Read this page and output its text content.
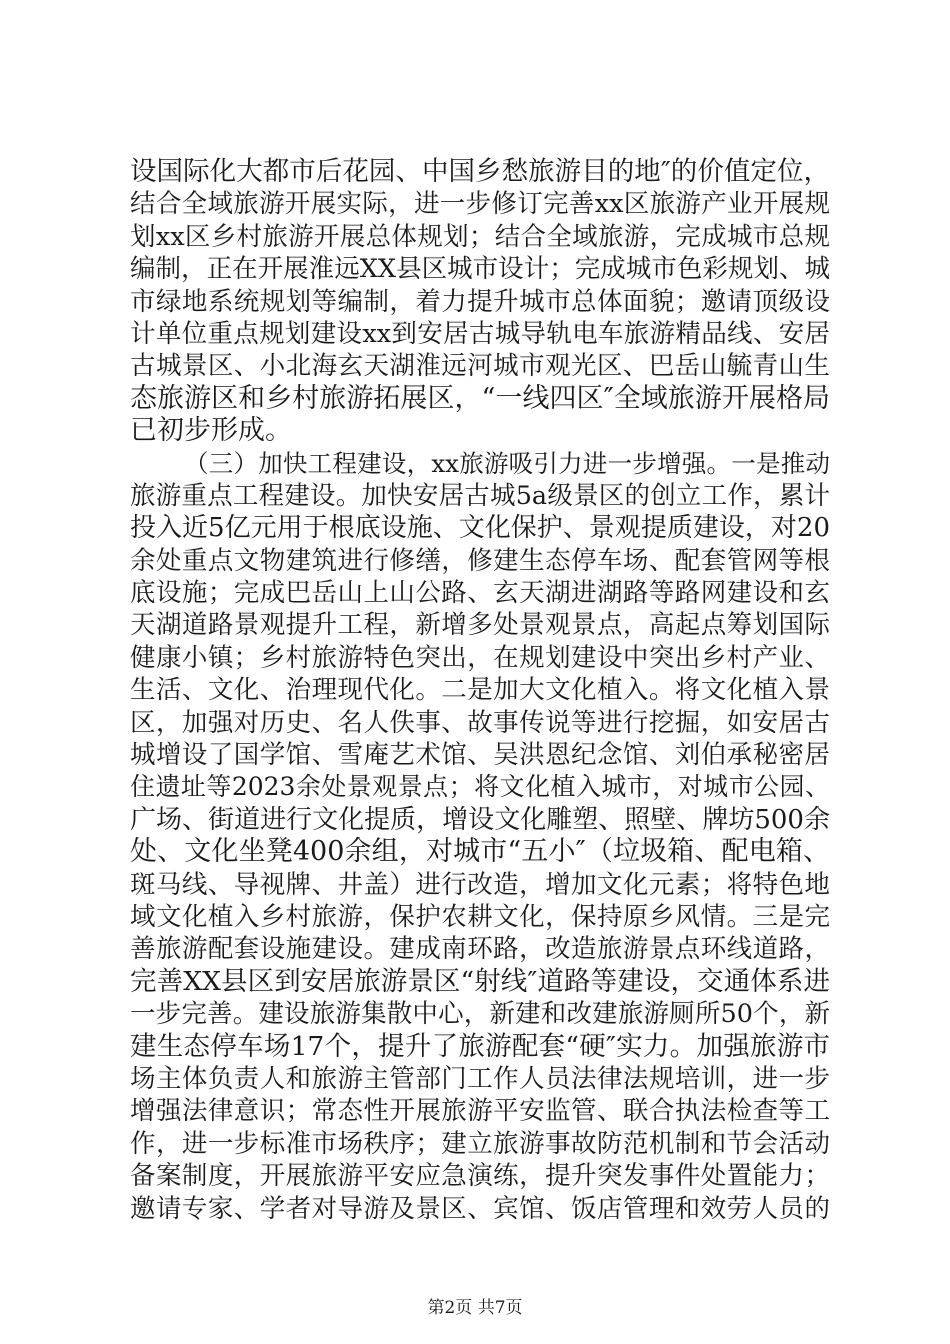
设国际化大都市后花园、中国乡愁旅游目的地″的价值定位，
结合全域旅游开展实际，进一步修订完善xx区旅游产业开展规
划xx区乡村旅游开展总体规划；结合全域旅游，完成城市总规
编制，正在开展淮远XX县区城市设计；完成城市色彩规划、城
市绿地系统规划等编制，着力提升城市总体面貌；邀请顶级设
计单位重点规划建设xx到安居古城导轨电车旅游精品线、安居
古城景区、小北海玄天湖淮远河城市观光区、巴岳山毓青山生
态旅游区和乡村旅游拓展区，“一线四区″全域旅游开展格局
已初步形成。
（三）加快工程建设，xx旅游吸引力进一步增强。一是推动
旅游重点工程建设。加快安居古城5a级景区的创立工作，累计
投入近5亿元用于根底设施、文化保护、景观提质建设，对20
余处重点文物建筑进行修缮，修建生态停车场、配套管网等根
底设施；完成巴岳山上山公路、玄天湖进湖路等路网建设和玄
天湖道路景观提升工程，新增多处景观景点，高起点筹划国际
健康小镇；乡村旅游特色突出，在规划建设中突出乡村产业、
生活、文化、治理现代化。二是加大文化植入。将文化植入景
区，加强对历史、名人佚事、故事传说等进行挖掘，如安居古
城增设了国学馆、雪庵艺术馆、吴洪恩纪念馆、刘伯承秘密居
住遗址等2023余处景观景点；将文化植入城市，对城市公园、
广场、街道进行文化提质，增设文化雕塑、照壁、牌坊500余
处、文化坐凳400余组，对城市“五小″（垃圾箱、配电箱、
斑马线、导视牌、井盖）进行改造，增加文化元素；将特色地
域文化植入乡村旅游，保护农耕文化，保持原乡风情。三是完
善旅游配套设施建设。建成南环路，改造旅游景点环线道路，
完善XX县区到安居旅游景区“射线″道路等建设，交通体系进
一步完善。建设旅游集散中心，新建和改建旅游厕所50个，新
建生态停车场17个，提升了旅游配套“硬″实力。加强旅游市
场主体负责人和旅游主管部门工作人员法律法规培训，进一步
增强法律意识；常态性开展旅游平安监管、联合执法检查等工
作，进一步标准市场秩序；建立旅游事故防范机制和节会活动
备案制度，开展旅游平安应急演练，提升突发事件处置能力；
邀请专家、学者对导游及景区、宾馆、饭店管理和效劳人员的
第2页 共7页
